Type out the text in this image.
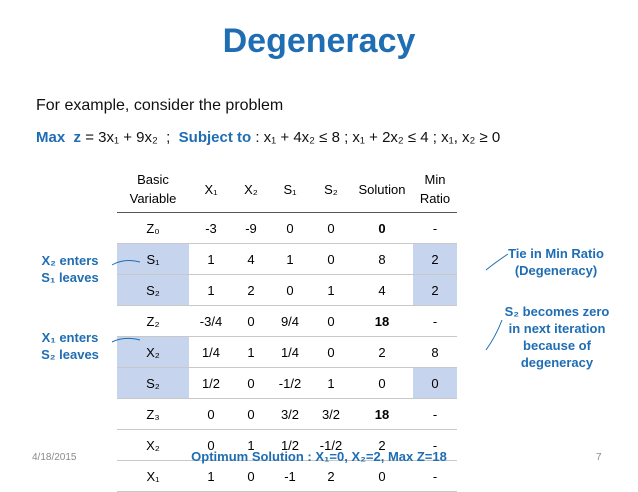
Degeneracy
For example, consider the problem
Max z = 3x₁ + 9x₂ ; Subject to : x₁ + 4x₂ ≤ 8 ; x₁ + 2x₂ ≤ 4 ; x₁, x₂ ≥ 0
Basic Variable	X₁	X₂	S₁	S₂	Solution	Min Ratio
Z₀	-3	-9	0	0	0	-
S₁	1	4	1	0	8	2
S₂	1	2	0	1	4	2
Z₂	-3/4	0	9/4	0	18	-
X₂	1/4	1	1/4	0	2	8
S₂	1/2	0	-1/2	1	0	0
Z₃	0	0	3/2	3/2	18	-
X₂	0	1	1/2	-1/2	2	-
X₁	1	0	-1	2	0	-
X₂ enters
S₁ leaves
X₁ enters
S₂ leaves
Tie in Min Ratio
(Degeneracy)
S₂ becomes zero
in next iteration
because of
degeneracy
4/18/2015	Optimum Solution : X₁=0, X₂=2, Max Z=18	7
